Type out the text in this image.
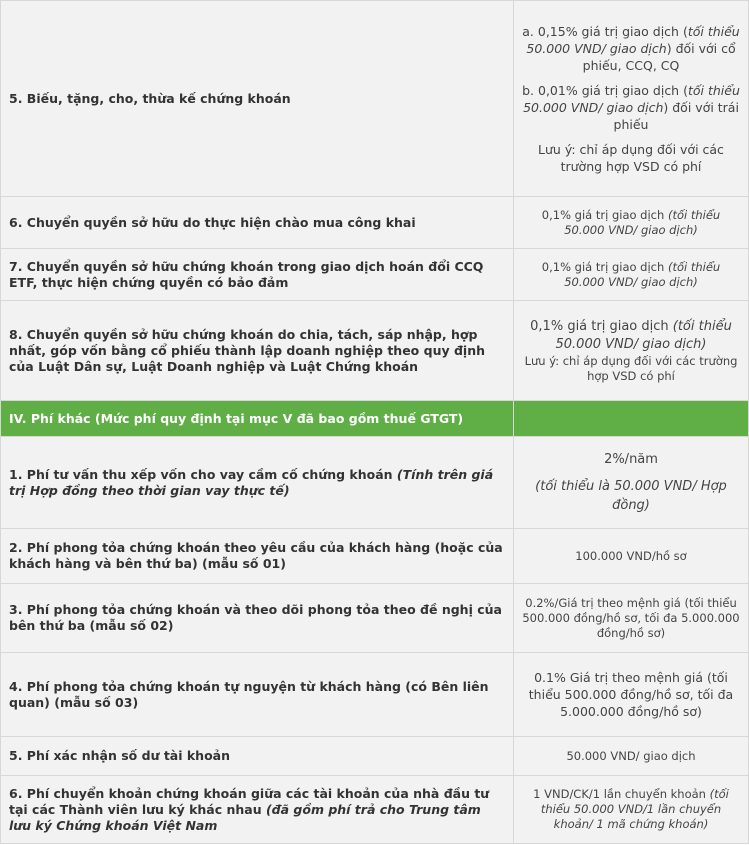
5. Biếu, tặng, cho, thừa kế chứng khoán	a. 0,15% giá trị giao dịch (tối thiểu 50.000 VND/ giao dịch) đối với cổ phiếu, CCQ, CQ
b. 0,01% giá trị giao dịch (tối thiểu 50.000 VND/ giao dịch) đối với trái phiếu
Lưu ý: chỉ áp dụng đối với các trường hợp VSD có phí

6. Chuyển quyền sở hữu do thực hiện chào mua công khai	0,1% giá trị giao dịch (tối thiểu 50.000 VND/ giao dịch)
7. Chuyển quyền sở hữu chứng khoán trong giao dịch hoán đổi CCQ ETF, thực hiện chứng quyền có bảo đảm	0,1% giá trị giao dịch (tối thiểu 50.000 VND/ giao dịch)
8. Chuyển quyền sở hữu chứng khoán do chia, tách, sáp nhập, hợp nhất, góp vốn bằng cổ phiếu thành lập doanh nghiệp theo quy định của Luật Dân sự, Luật Doanh nghiệp và Luật Chứng khoán	0,1% giá trị giao dịch (tối thiểu 50.000 VND/ giao dịch)
Lưu ý: chỉ áp dụng đối với các trường hợp VSD có phí

IV. Phí khác (Mức phí quy định tại mục V đã bao gồm thuế GTGT)	
1. Phí tư vấn thu xếp vốn cho vay cầm cố chứng khoán (Tính trên giá trị Hợp đồng theo thời gian vay thực tế)	2%/năm
(tối thiểu là 50.000 VND/ Hợp đồng)

2. Phí phong tỏa chứng khoán theo yêu cầu của khách hàng (hoặc của khách hàng và bên thứ ba) (mẫu số 01)	100.000 VND/hồ sơ
3. Phí phong tỏa chứng khoán và theo dõi phong tỏa theo đề nghị của bên thứ ba (mẫu số 02)	0.2%/Giá trị theo mệnh giá (tối thiểu 500.000 đồng/hồ sơ, tối đa 5.000.000 đồng/hồ sơ)
4. Phí phong tỏa chứng khoán tự nguyện từ khách hàng (có Bên liên quan) (mẫu số 03)	0.1% Giá trị theo mệnh giá (tối thiểu 500.000 đồng/hồ sơ, tối đa 5.000.000 đồng/hồ sơ)
5. Phí xác nhận số dư tài khoản	50.000 VND/ giao dịch
6. Phí chuyển khoản chứng khoán giữa các tài khoản của nhà đầu tư tại các Thành viên lưu ký khác nhau (đã gồm phí trả cho Trung tâm lưu ký Chứng khoán Việt Nam	1 VND/CK/1 lần chuyển khoản (tối thiểu 50.000 VND/1 lần chuyển khoản/ 1 mã chứng khoán)
